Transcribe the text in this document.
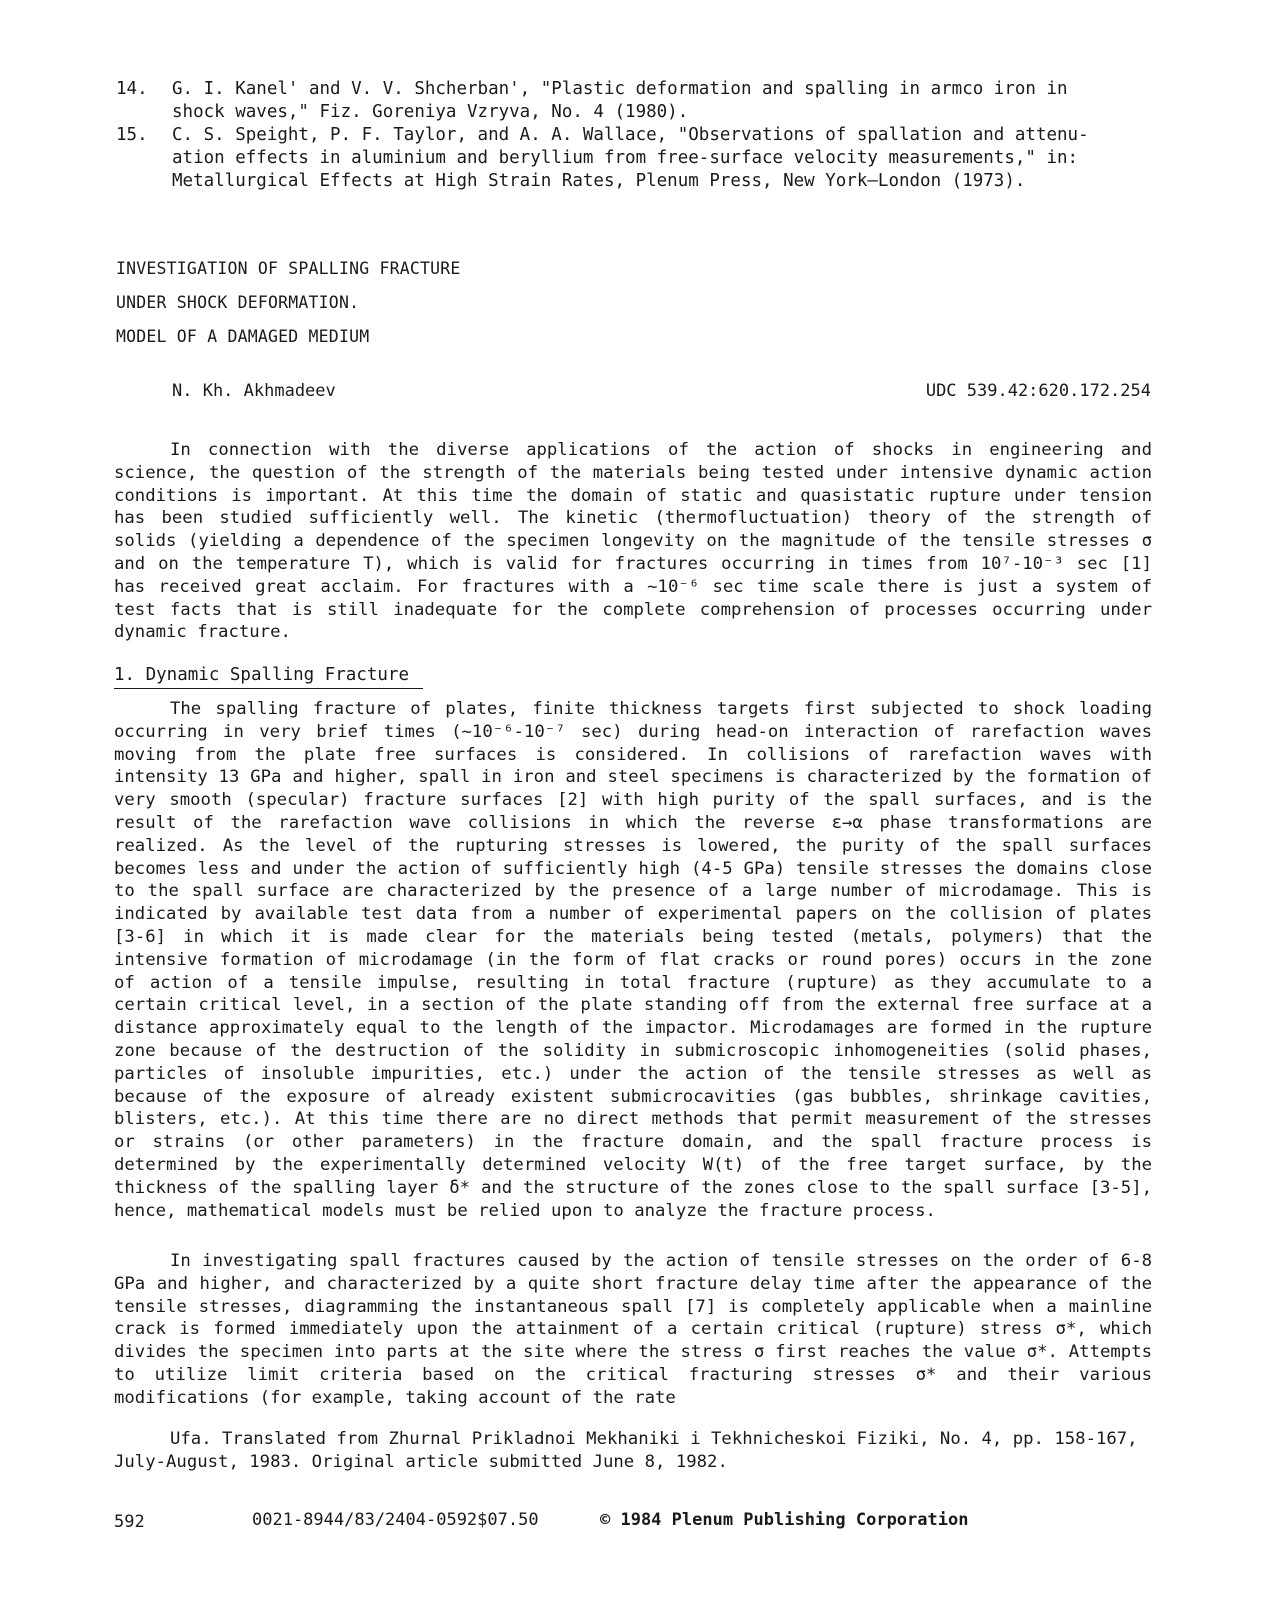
14. G. I. Kanel' and V. V. Shcherban', "Plastic deformation and spalling in armco iron in
shock waves," Fiz. Goreniya Vzryva, No. 4 (1980).
15. C. S. Speight, P. F. Taylor, and A. A. Wallace, "Observations of spallation and attenu-
ation effects in aluminium and beryllium from free-surface velocity measurements," in:
Metallurgical Effects at High Strain Rates, Plenum Press, New York—London (1973).
INVESTIGATION OF SPALLING FRACTURE
UNDER SHOCK DEFORMATION.
MODEL OF A DAMAGED MEDIUM
N. Kh. Akhmadeev	UDC 539.42:620.172.254

In connection with the diverse applications of the action of shocks in engineering and science, the question of the strength of the materials being tested under intensive dynamic action conditions is important. At this time the domain of static and quasistatic rupture under tension has been studied sufficiently well. The kinetic (thermofluctuation) theory of the strength of solids (yielding a dependence of the specimen longevity on the magnitude of the tensile stresses σ and on the temperature T), which is valid for fractures occurring in times from 10⁷-10⁻³ sec [1] has received great acclaim. For fractures with a ~10⁻⁶ sec time scale there is just a system of test facts that is still inadequate for the complete comprehension of processes occurring under dynamic fracture.

1. Dynamic Spalling Fracture

The spalling fracture of plates, finite thickness targets first subjected to shock loading occurring in very brief times (~10⁻⁶-10⁻⁷ sec) during head-on interaction of rarefaction waves moving from the plate free surfaces is considered. In collisions of rarefaction waves with intensity 13 GPa and higher, spall in iron and steel specimens is characterized by the formation of very smooth (specular) fracture surfaces [2] with high purity of the spall surfaces, and is the result of the rarefaction wave collisions in which the reverse ε→α phase transformations are realized. As the level of the rupturing stresses is lowered, the purity of the spall surfaces becomes less and under the action of sufficiently high (4-5 GPa) tensile stresses the domains close to the spall surface are characterized by the presence of a large number of microdamage. This is indicated by available test data from a number of experimental papers on the collision of plates [3-6] in which it is made clear for the materials being tested (metals, polymers) that the intensive formation of microdamage (in the form of flat cracks or round pores) occurs in the zone of action of a tensile impulse, resulting in total fracture (rupture) as they accumulate to a certain critical level, in a section of the plate standing off from the external free surface at a distance approximately equal to the length of the impactor. Microdamages are formed in the rupture zone because of the destruction of the solidity in submicroscopic inhomogeneities (solid phases, particles of insoluble impurities, etc.) under the action of the tensile stresses as well as because of the exposure of already existent submicrocavities (gas bubbles, shrinkage cavities, blisters, etc.). At this time there are no direct methods that permit measurement of the stresses or strains (or other parameters) in the fracture domain, and the spall fracture process is determined by the experimentally determined velocity W(t) of the free target surface, by the thickness of the spalling layer δ* and the structure of the zones close to the spall surface [3-5], hence, mathematical models must be relied upon to analyze the fracture process.

In investigating spall fractures caused by the action of tensile stresses on the order of 6-8 GPa and higher, and characterized by a quite short fracture delay time after the appearance of the tensile stresses, diagramming the instantaneous spall [7] is completely applicable when a mainline crack is formed immediately upon the attainment of a certain critical (rupture) stress σ*, which divides the specimen into parts at the site where the stress σ first reaches the value σ*. Attempts to utilize limit criteria based on the critical fracturing stresses σ* and their various modifications (for example, taking account of the rate

Ufa. Translated from Zhurnal Prikladnoi Mekhaniki i Tekhnicheskoi Fiziki, No. 4, pp. 158-167, July-August, 1983. Original article submitted June 8, 1982.

592	0021-8944/83/2404-0592$07.50	© 1984 Plenum Publishing Corporation
